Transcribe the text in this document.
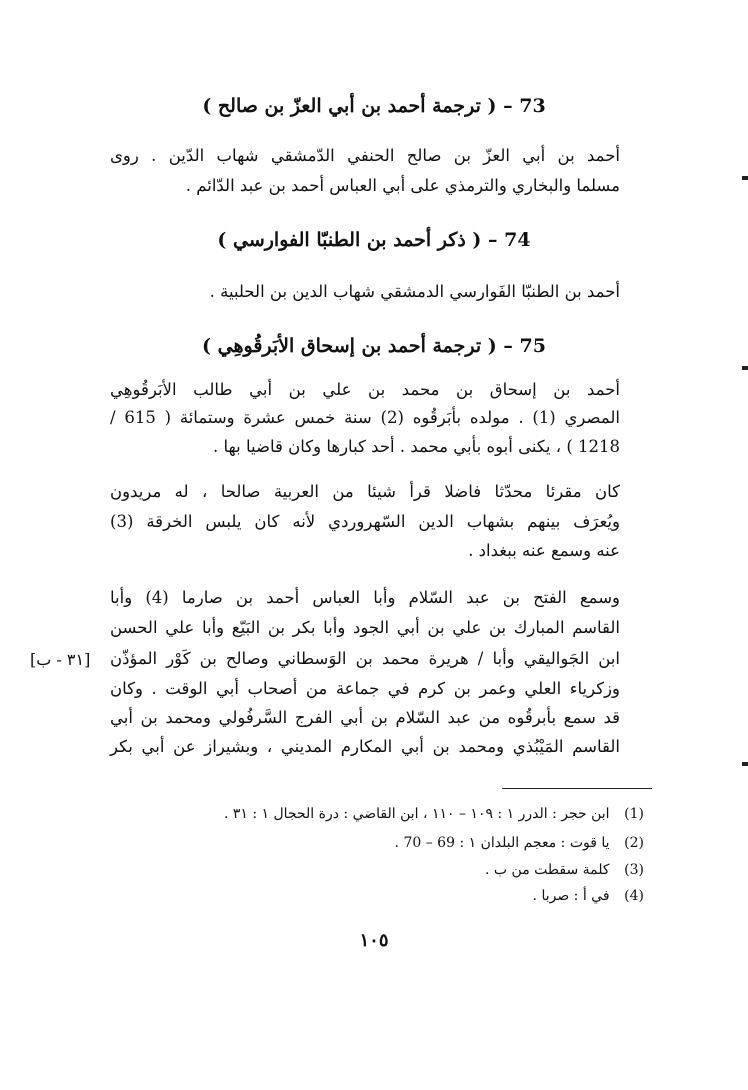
73 – ( ترجمة أحمد بن أبي العزّ بن صالح )
أحمد بن أبي العزّ بن صالح الحنفي الدّمشقي شهاب الدّين . روى
مسلما والبخاري والترمذي على أبي العباس أحمد بن عبد الدّائم .
74 – ( ذكر أحمد بن الطنبّا الفوارسي )
أحمد بن الطنبّا الفَوارسي الدمشقي شهاب الدين بن الحلبية .
75 – ( ترجمة أحمد بن إسحاق الأبَرقُوهِي )
أحمد بن إسحاق بن محمد بن علي بن أبي طالب الأبَرقُوهِي
المصري (1) . مولده بأبَرقُوه (2) سنة خمس عشرة وستمائة ( 615 /
1218 ) ، يكنى أبوه بأبي محمد . أحد كبارها وكان قاضيا بها .
كان مقرئا محدّثا فاضلا قرأ شيئا من العربية صالحا ، له مريدون
ويُعرَف بينهم بشهاب الدين السّهروردي لأنه كان يلبس الخرقة (3)
عنه وسمع عنه ببغداد .
وسمع الفتح بن عبد السّلام وأبا العباس أحمد بن صارما (4) وأبا
القاسم المبارك بن علي بن أبي الجود وأبا بكر بن البَيّع وأبا علي الحسن
ابن الجَواليقي وأبا / هريرة محمد بن الوَسطاني وصالح بن كَوْر المؤذّن
وزكرياء العلي وعمر بن كرم في جماعة من أصحاب أبي الوقت . وكان
قد سمع بأبرقُوه من عبد السّلام بن أبي الفرج السَّرفُولي ومحمد بن أبي
القاسم المَيْبُذي ومحمد بن أبي المكارم المديني ، وبشيراز عن أبي بكر
[٣١ - ب]
(1) ابن حجر : الدرر ١ : ١٠٩ – ١١٠ ، ابن القاضي : درة الحجال ١ : ٣١ .
(2) يا قوت : معجم البلدان ١ : 69 – 70 .
(3) كلمة سقطت من ب .
(4) في أ : صربا .
١٠٥
